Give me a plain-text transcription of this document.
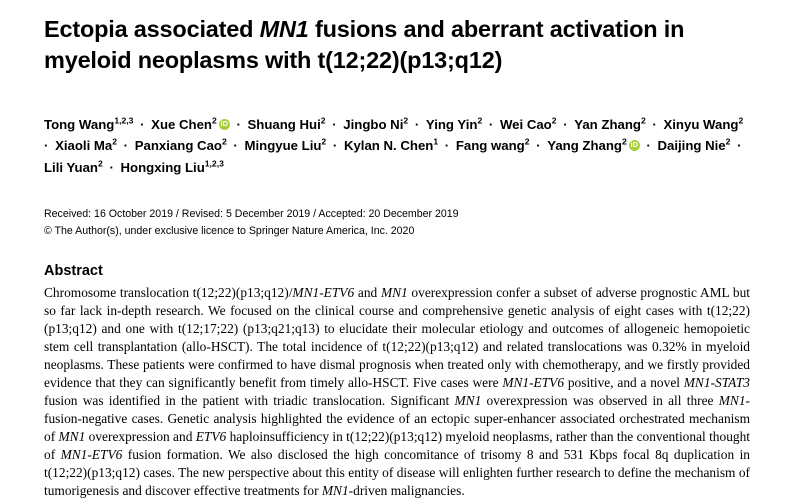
Ectopia associated MN1 fusions and aberrant activation in myeloid neoplasms with t(12;22)(p13;q12)
Tong Wang$^{1,2,3}$ · Xue Chen$^2$iD · Shuang Hui$^2$ · Jingbo $Ni^2$ · Ying Yin$^2$ · Wei Cao$^2$ · Yan Zhang$^2$ · Xinyu Wang$^2$ · Xiaoli $Ma^2$ · Panxiang Cao$^2$ · Mingyue Liu$^2$ · Kylan N. Chen$^1$ · Fang wang$^2$ · Yang Zhang$^2$iD · Daijing Nie$^2$ · Lili Yuan$^2$ · Hongxing Liu$^{1,2,3}$
Received: 16 October 2019 / Revised: 5 December 2019 / Accepted: 20 December 2019
© The Author(s), under exclusive licence to Springer Nature America, Inc. 2020
Abstract
Chromosome translocation t(12;22)(p13;q12)/MN1-ETV6 and MN1 overexpression confer a subset of adverse prognostic AML but so far lack in-depth research. We focused on the clinical course and comprehensive genetic analysis of eight cases with t(12;22)(p13;q12) and one with t(12;17;22) (p13;q21;q13) to elucidate their molecular etiology and outcomes of allogeneic hemopoietic stem cell transplantation (allo-HSCT). The total incidence of t(12;22)(p13;q12) and related translocations was 0.32% in myeloid neoplasms. These patients were confirmed to have dismal prognosis when treated only with chemotherapy, and we firstly provided evidence that they can significantly benefit from timely allo-HSCT. Five cases were MN1-ETV6 positive, and a novel MN1-STAT3 fusion was identified in the patient with triadic translocation. Significant MN1 overexpression was observed in all three MN1-fusion-negative cases. Genetic analysis highlighted the evidence of an ectopic super-enhancer associated orchestrated mechanism of MN1 overexpression and ETV6 haploinsufficiency in t(12;22)(p13;q12) myeloid neoplasms, rather than the conventional thought of MN1-ETV6 fusion formation. We also disclosed the high concomitance of trisomy 8 and 531 Kbps focal 8q duplication in t(12;22)(p13;q12) cases. The new perspective about this entity of disease will enlighten further research to define the mechanism of tumorigenesis and discover effective treatments for MN1-driven malignancies.
